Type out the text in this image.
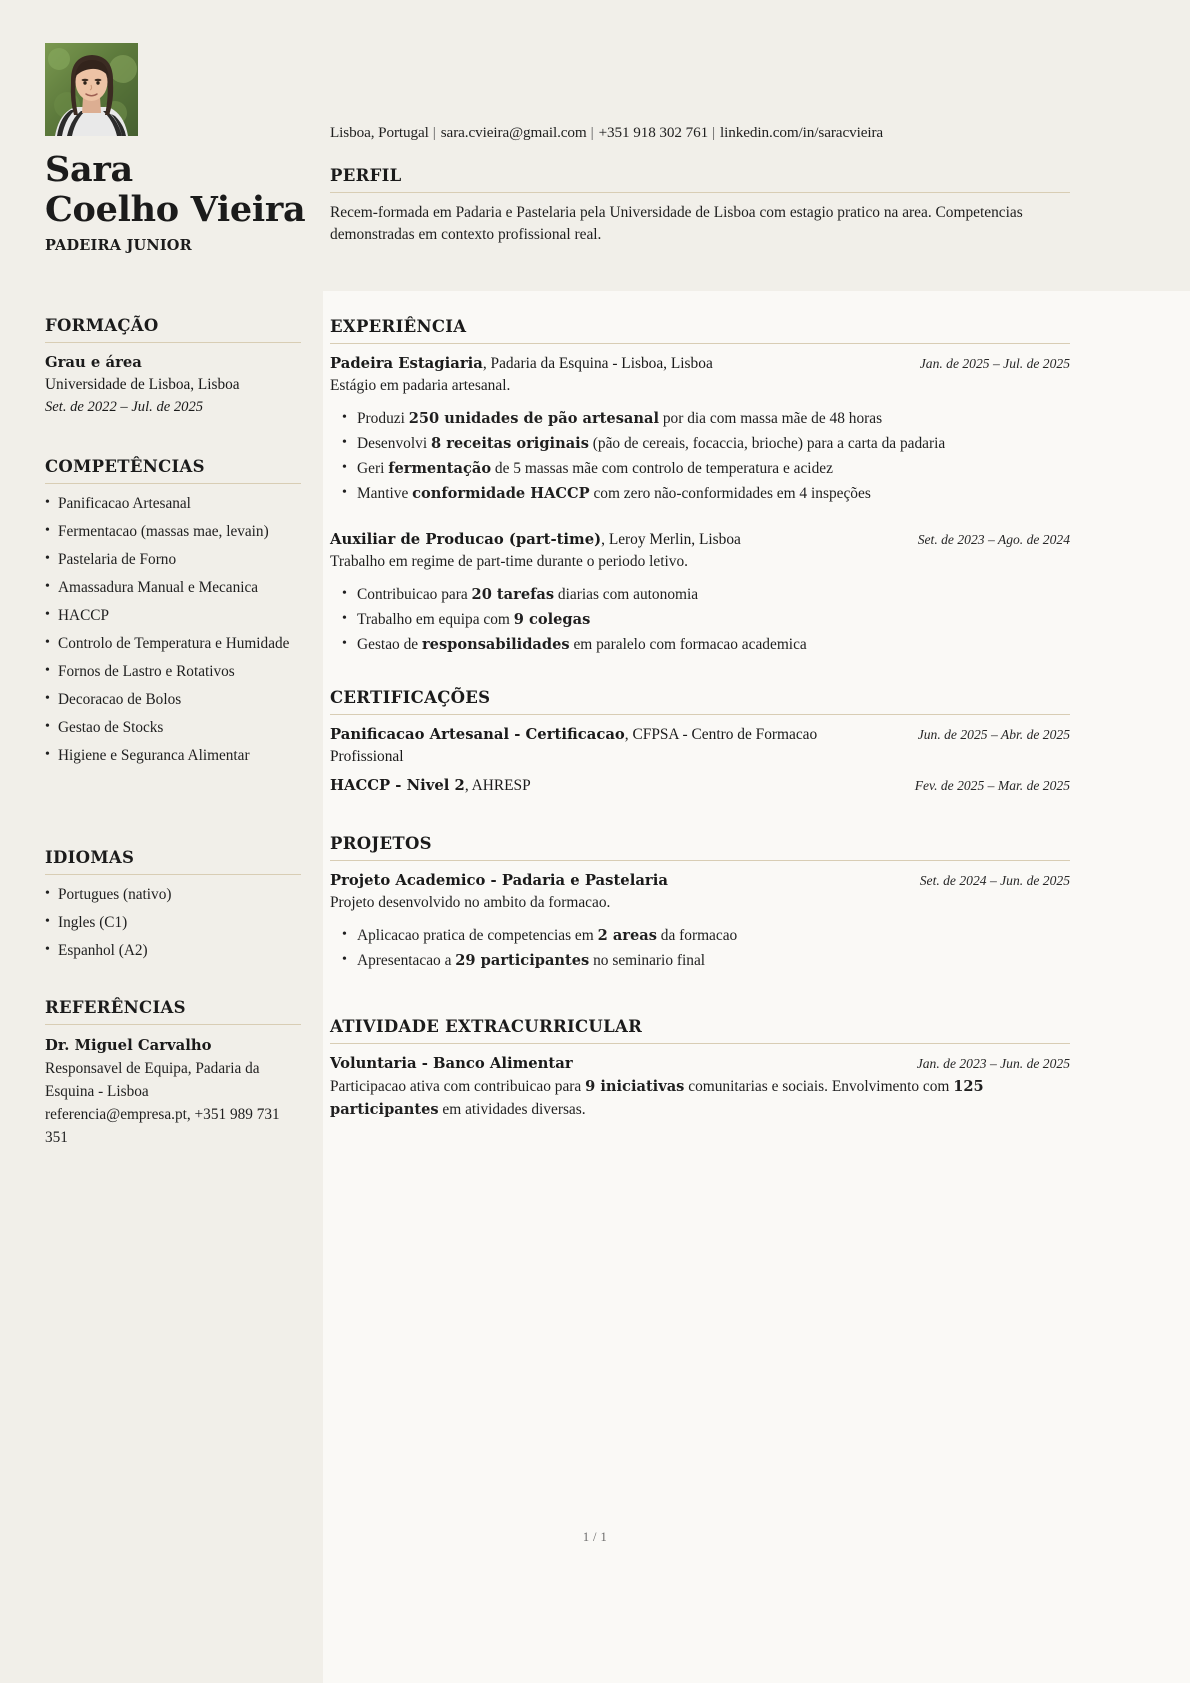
Sara
Coelho Vieira
PADEIRA JUNIOR
Lisboa, Portugal | sara.cvieira@gmail.com | +351 918 302 761 | linkedin.com/in/saracvieira
FORMAÇÃO
Grau e área
Universidade de Lisboa, Lisboa
Set. de 2022 – Jul. de 2025
COMPETÊNCIAS
• Panificacao Artesanal
• Fermentacao (massas mae, levain)
• Pastelaria de Forno
• Amassadura Manual e Mecanica
• HACCP
• Controlo de Temperatura e Humidade
• Fornos de Lastro e Rotativos
• Decoracao de Bolos
• Gestao de Stocks
• Higiene e Seguranca Alimentar
IDIOMAS
• Portugues (nativo)
• Ingles (C1)
• Espanhol (A2)
REFERÊNCIAS
Dr. Miguel Carvalho
Responsavel de Equipa, Padaria da Esquina - Lisboa
referencia@empresa.pt, +351 989 731 351
PERFIL
Recem-formada em Padaria e Pastelaria pela Universidade de Lisboa com estagio pratico na area. Competencias demonstradas em contexto profissional real.
EXPERIÊNCIA
Padeira Estagiaria, Padaria da Esquina - Lisboa, Lisboa	Jan. de 2025 – Jul. de 2025
Estágio em padaria artesanal.
• Produzi 250 unidades de pão artesanal por dia com massa mãe de 48 horas
• Desenvolvi 8 receitas originais (pão de cereais, focaccia, brioche) para a carta da padaria
• Geri fermentação de 5 massas mãe com controlo de temperatura e acidez
• Mantive conformidade HACCP com zero não-conformidades em 4 inspeções
Auxiliar de Producao (part-time), Leroy Merlin, Lisboa	Set. de 2023 – Ago. de 2024
Trabalho em regime de part-time durante o periodo letivo.
• Contribuicao para 20 tarefas diarias com autonomia
• Trabalho em equipa com 9 colegas
• Gestao de responsabilidades em paralelo com formacao academica
CERTIFICAÇÕES
Panificacao Artesanal - Certificacao, CFPSA - Centro de Formacao Profissional
Jun. de 2025 – Abr. de 2025
HACCP - Nivel 2, AHRESP	Fev. de 2025 – Mar. de 2025
PROJETOS
Projeto Academico - Padaria e Pastelaria	Set. de 2024 – Jun. de 2025
Projeto desenvolvido no ambito da formacao.
• Aplicacao pratica de competencias em 2 areas da formacao
• Apresentacao a 29 participantes no seminario final
ATIVIDADE EXTRACURRICULAR
Voluntaria - Banco Alimentar	Jan. de 2023 – Jun. de 2025
Participacao ativa com contribuicao para 9 iniciativas comunitarias e sociais. Envolvimento com 125 participantes em atividades diversas.
1 / 1
